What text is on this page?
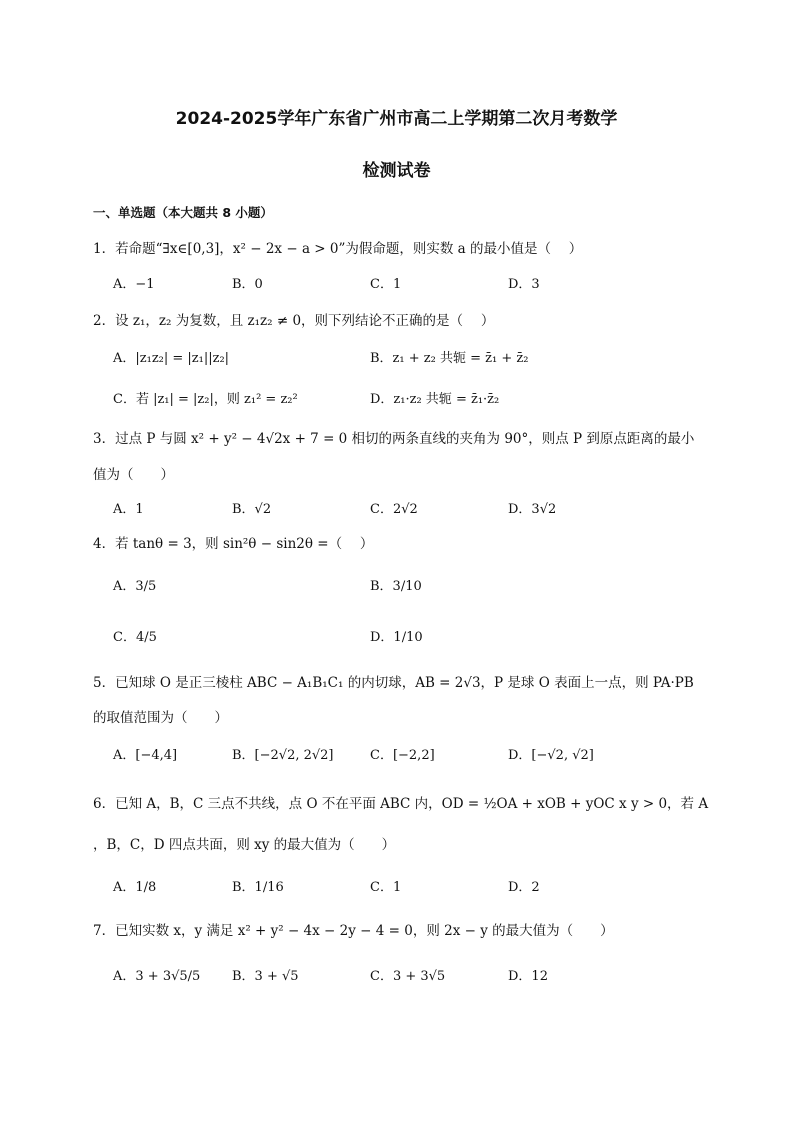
2024-2025学年广东省广州市高二上学期第二次月考数学
检测试卷
一、单选题（本大题共 8 小题）
1．若命题“∃x∈[0,3]，x² − 2x − a > 0”为假命题，则实数 a 的最小值是（　 ）
A．−1	B．0	C．1	D．3
2．设 z₁，z₂ 为复数，且 z₁z₂ ≠ 0，则下列结论不正确的是（　 ）
A．|z₁z₂| = |z₁||z₂|	B．z₁ + z₂ 共轭 = z̄₁ + z̄₂
C．若 |z₁| = |z₂|，则 z₁² = z₂²	D．z₁·z₂ 共轭 = z̄₁·z̄₂
3．过点 P 与圆 x² + y² − 4√2x + 7 = 0 相切的两条直线的夹角为 90°，则点 P 到原点距离的最小
值为（　　）
A．1	B．√2	C．2√2	D．3√2
4．若 tanθ = 3，则 sin²θ − sin2θ =（　 ）
A．3/5	B．3/10
C．4/5	D．1/10
5．已知球 O 是正三棱柱 ABC − A₁B₁C₁ 的内切球，AB = 2√3，P 是球 O 表面上一点，则 PA·PB
的取值范围为（　　）
A．[−4,4]	B．[−2√2, 2√2]	C．[−2,2]	D．[−√2, √2]
6．已知 A，B，C 三点不共线，点 O 不在平面 ABC 内，OD = ½OA + xOB + yOC x y > 0，若 A
，B，C，D 四点共面，则 xy 的最大值为（　　）
A．1/8	B．1/16	C．1	D．2
7．已知实数 x，y 满足 x² + y² − 4x − 2y − 4 = 0，则 2x − y 的最大值为（　　）
A．3 + 3√5/5 B．3 + √5	C．3 + 3√5	D．12
